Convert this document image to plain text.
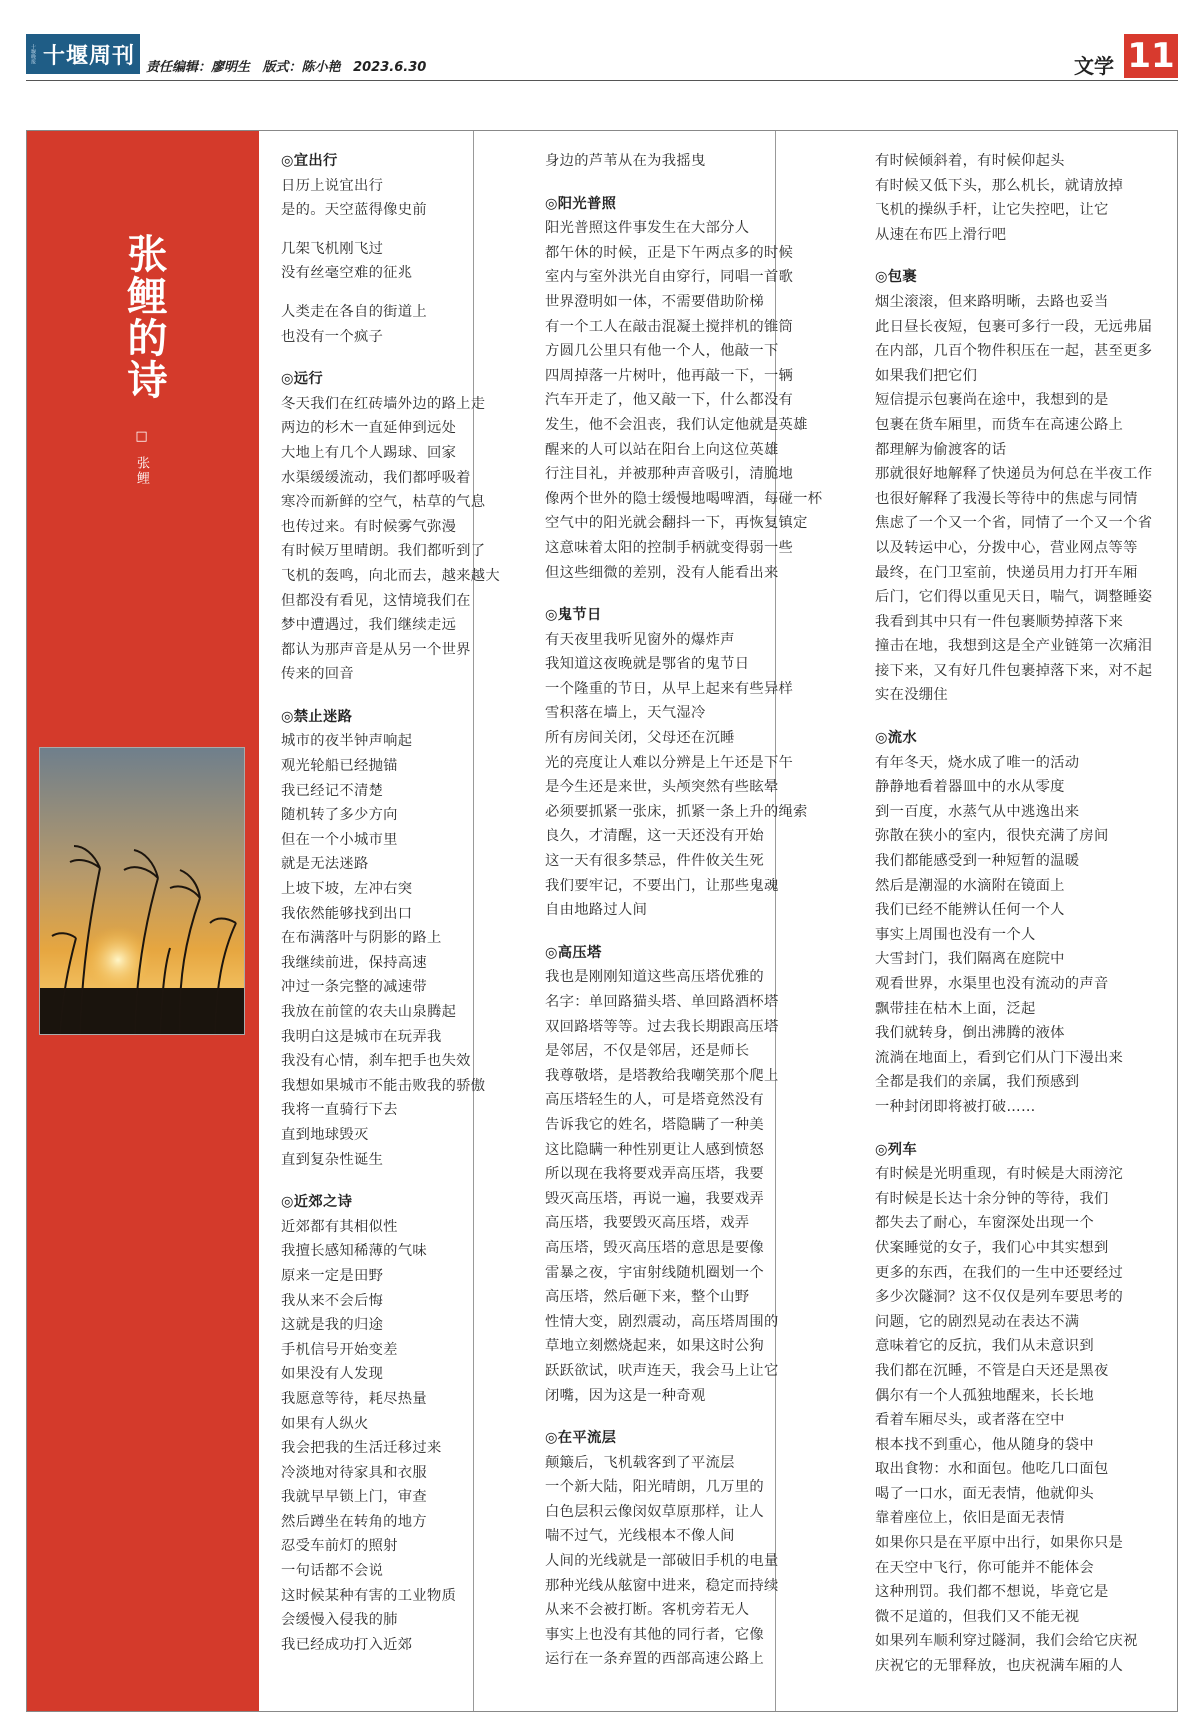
十堰晚报 十堰周刊 责任编辑：廖明生 版式：陈小艳 2023.6.30	文学 11
张鲤的诗
□ 张鲤
◎宜出行

日历上说宜出行

是的。天空蓝得像史前

几架飞机刚飞过

没有丝毫空难的征兆

人类走在各自的街道上

也没有一个疯子

◎远行

冬天我们在红砖墙外边的路上走

两边的杉木一直延伸到远处

大地上有几个人踢球、回家

水渠缓缓流动，我们都呼吸着

寒冷而新鲜的空气，枯草的气息

也传过来。有时候雾气弥漫

有时候万里晴朗。我们都听到了

飞机的轰鸣，向北而去，越来越大

但都没有看见，这情境我们在

梦中遭遇过，我们继续走远

都认为那声音是从另一个世界

传来的回音

◎禁止迷路

城市的夜半钟声响起

观光轮船已经抛锚

我已经记不清楚

随机转了多少方向

但在一个小城市里

就是无法迷路

上坡下坡，左冲右突

我依然能够找到出口

在布满落叶与阴影的路上

我继续前进，保持高速

冲过一条完整的减速带

我放在前筐的农夫山泉腾起

我明白这是城市在玩弄我

我没有心情，刹车把手也失效

我想如果城市不能击败我的骄傲

我将一直骑行下去

直到地球毁灭

直到复杂性诞生

◎近郊之诗

近郊都有其相似性

我擅长感知稀薄的气味

原来一定是田野

我从来不会后悔

这就是我的归途

手机信号开始变差

如果没有人发现

我愿意等待，耗尽热量

如果有人纵火

我会把我的生活迁移过来

冷淡地对待家具和衣服

我就早早锁上门，审查

然后蹲坐在转角的地方

忍受车前灯的照射

一句话都不会说

这时候某种有害的工业物质

会缓慢入侵我的肺

我已经成功打入近郊

身边的芦苇从在为我摇曳

◎阳光普照

阳光普照这件事发生在大部分人

都午休的时候，正是下午两点多的时候

室内与室外洪光自由穿行，同唱一首歌

世界澄明如一体，不需要借助阶梯

有一个工人在敲击混凝土搅拌机的锥筒

方圆几公里只有他一个人，他敲一下

四周掉落一片树叶，他再敲一下，一辆

汽车开走了，他又敲一下，什么都没有

发生，他不会沮丧，我们认定他就是英雄

醒来的人可以站在阳台上向这位英雄

行注目礼，并被那种声音吸引，清脆地

像两个世外的隐士缓慢地喝啤酒，每碰一杯

空气中的阳光就会翻抖一下，再恢复镇定

这意味着太阳的控制手柄就变得弱一些

但这些细微的差别，没有人能看出来

◎鬼节日

有天夜里我听见窗外的爆炸声

我知道这夜晚就是鄂省的鬼节日

一个隆重的节日，从早上起来有些异样

雪积落在墙上，天气湿冷

所有房间关闭，父母还在沉睡

光的亮度让人难以分辨是上午还是下午

是今生还是来世，头颅突然有些眩晕

必须要抓紧一张床，抓紧一条上升的绳索

良久，才清醒，这一天还没有开始

这一天有很多禁忌，件件攸关生死

我们要牢记，不要出门，让那些鬼魂

自由地路过人间

◎高压塔

我也是刚刚知道这些高压塔优雅的

名字：单回路猫头塔、单回路酒杯塔

双回路塔等等。过去我长期跟高压塔

是邻居，不仅是邻居，还是师长

我尊敬塔，是塔教给我嘲笑那个爬上

高压塔轻生的人，可是塔竟然没有

告诉我它的姓名，塔隐瞒了一种美

这比隐瞒一种性别更让人感到愤怒

所以现在我将要戏弄高压塔，我要

毁灭高压塔，再说一遍，我要戏弄

高压塔，我要毁灭高压塔，戏弄

高压塔，毁灭高压塔的意思是要像

雷暴之夜，宇宙射线随机圈划一个

高压塔，然后砸下来，整个山野

性情大变，剧烈震动，高压塔周围的

草地立刻燃烧起来，如果这时公狗

跃跃欲试，吠声连天，我会马上让它

闭嘴，因为这是一种奇观

◎在平流层

颠簸后，飞机载客到了平流层

一个新大陆，阳光晴朗，几万里的

白色层积云像闵奴草原那样，让人

喘不过气，光线根本不像人间

人间的光线就是一部破旧手机的电量

那种光线从舷窗中进来，稳定而持续

从来不会被打断。客机旁若无人

事实上也没有其他的同行者，它像

运行在一条弃置的西部高速公路上

有时候倾斜着，有时候仰起头

有时候又低下头，那么机长，就请放掉

飞机的操纵手杆，让它失控吧，让它

从速在布匹上滑行吧

◎包裹

烟尘滚滚，但来路明晰，去路也妥当

此日昼长夜短，包裹可多行一段，无远弗届

在内部，几百个物件积压在一起，甚至更多

如果我们把它们

短信提示包裹尚在途中，我想到的是

包裹在货车厢里，而货车在高速公路上

都理解为偷渡客的话

那就很好地解释了快递员为何总在半夜工作

也很好解释了我漫长等待中的焦虑与同情

焦虑了一个又一个省，同情了一个又一个省

以及转运中心，分拨中心，营业网点等等

最终，在门卫室前，快递员用力打开车厢

后门，它们得以重见天日，喘气，调整睡姿

我看到其中只有一件包裹顺势掉落下来

撞击在地，我想到这是全产业链第一次痛泪

接下来，又有好几件包裹掉落下来，对不起

实在没绷住

◎流水

有年冬天，烧水成了唯一的活动

静静地看着器皿中的水从零度

到一百度，水蒸气从中逃逸出来

弥散在狭小的室内，很快充满了房间

我们都能感受到一种短暂的温暖

然后是潮湿的水滴附在镜面上

我们已经不能辨认任何一个人

事实上周围也没有一个人

大雪封门，我们隔离在庭院中

观看世界，水渠里也没有流动的声音

飘带挂在枯木上面，泛起

我们就转身，倒出沸腾的液体

流淌在地面上，看到它们从门下漫出来

全都是我们的亲属，我们预感到

一种封闭即将被打破……

◎列车

有时候是光明重现，有时候是大雨滂沱

有时候是长达十余分钟的等待，我们

都失去了耐心，车窗深处出现一个

伏案睡觉的女子，我们心中其实想到

更多的东西，在我们的一生中还要经过

多少次隧洞？这不仅仅是列车要思考的

问题，它的剧烈晃动在表达不满

意味着它的反抗，我们从未意识到

我们都在沉睡，不管是白天还是黑夜

偶尔有一个人孤独地醒来，长长地

看着车厢尽头，或者落在空中

根本找不到重心，他从随身的袋中

取出食物：水和面包。他吃几口面包

喝了一口水，面无表情，他就仰头

靠着座位上，依旧是面无表情

如果你只是在平原中出行，如果你只是

在天空中飞行，你可能并不能体会

这种刑罚。我们都不想说，毕竟它是

微不足道的，但我们又不能无视

如果列车顺利穿过隧洞，我们会给它庆祝

庆祝它的无罪释放，也庆祝满车厢的人
